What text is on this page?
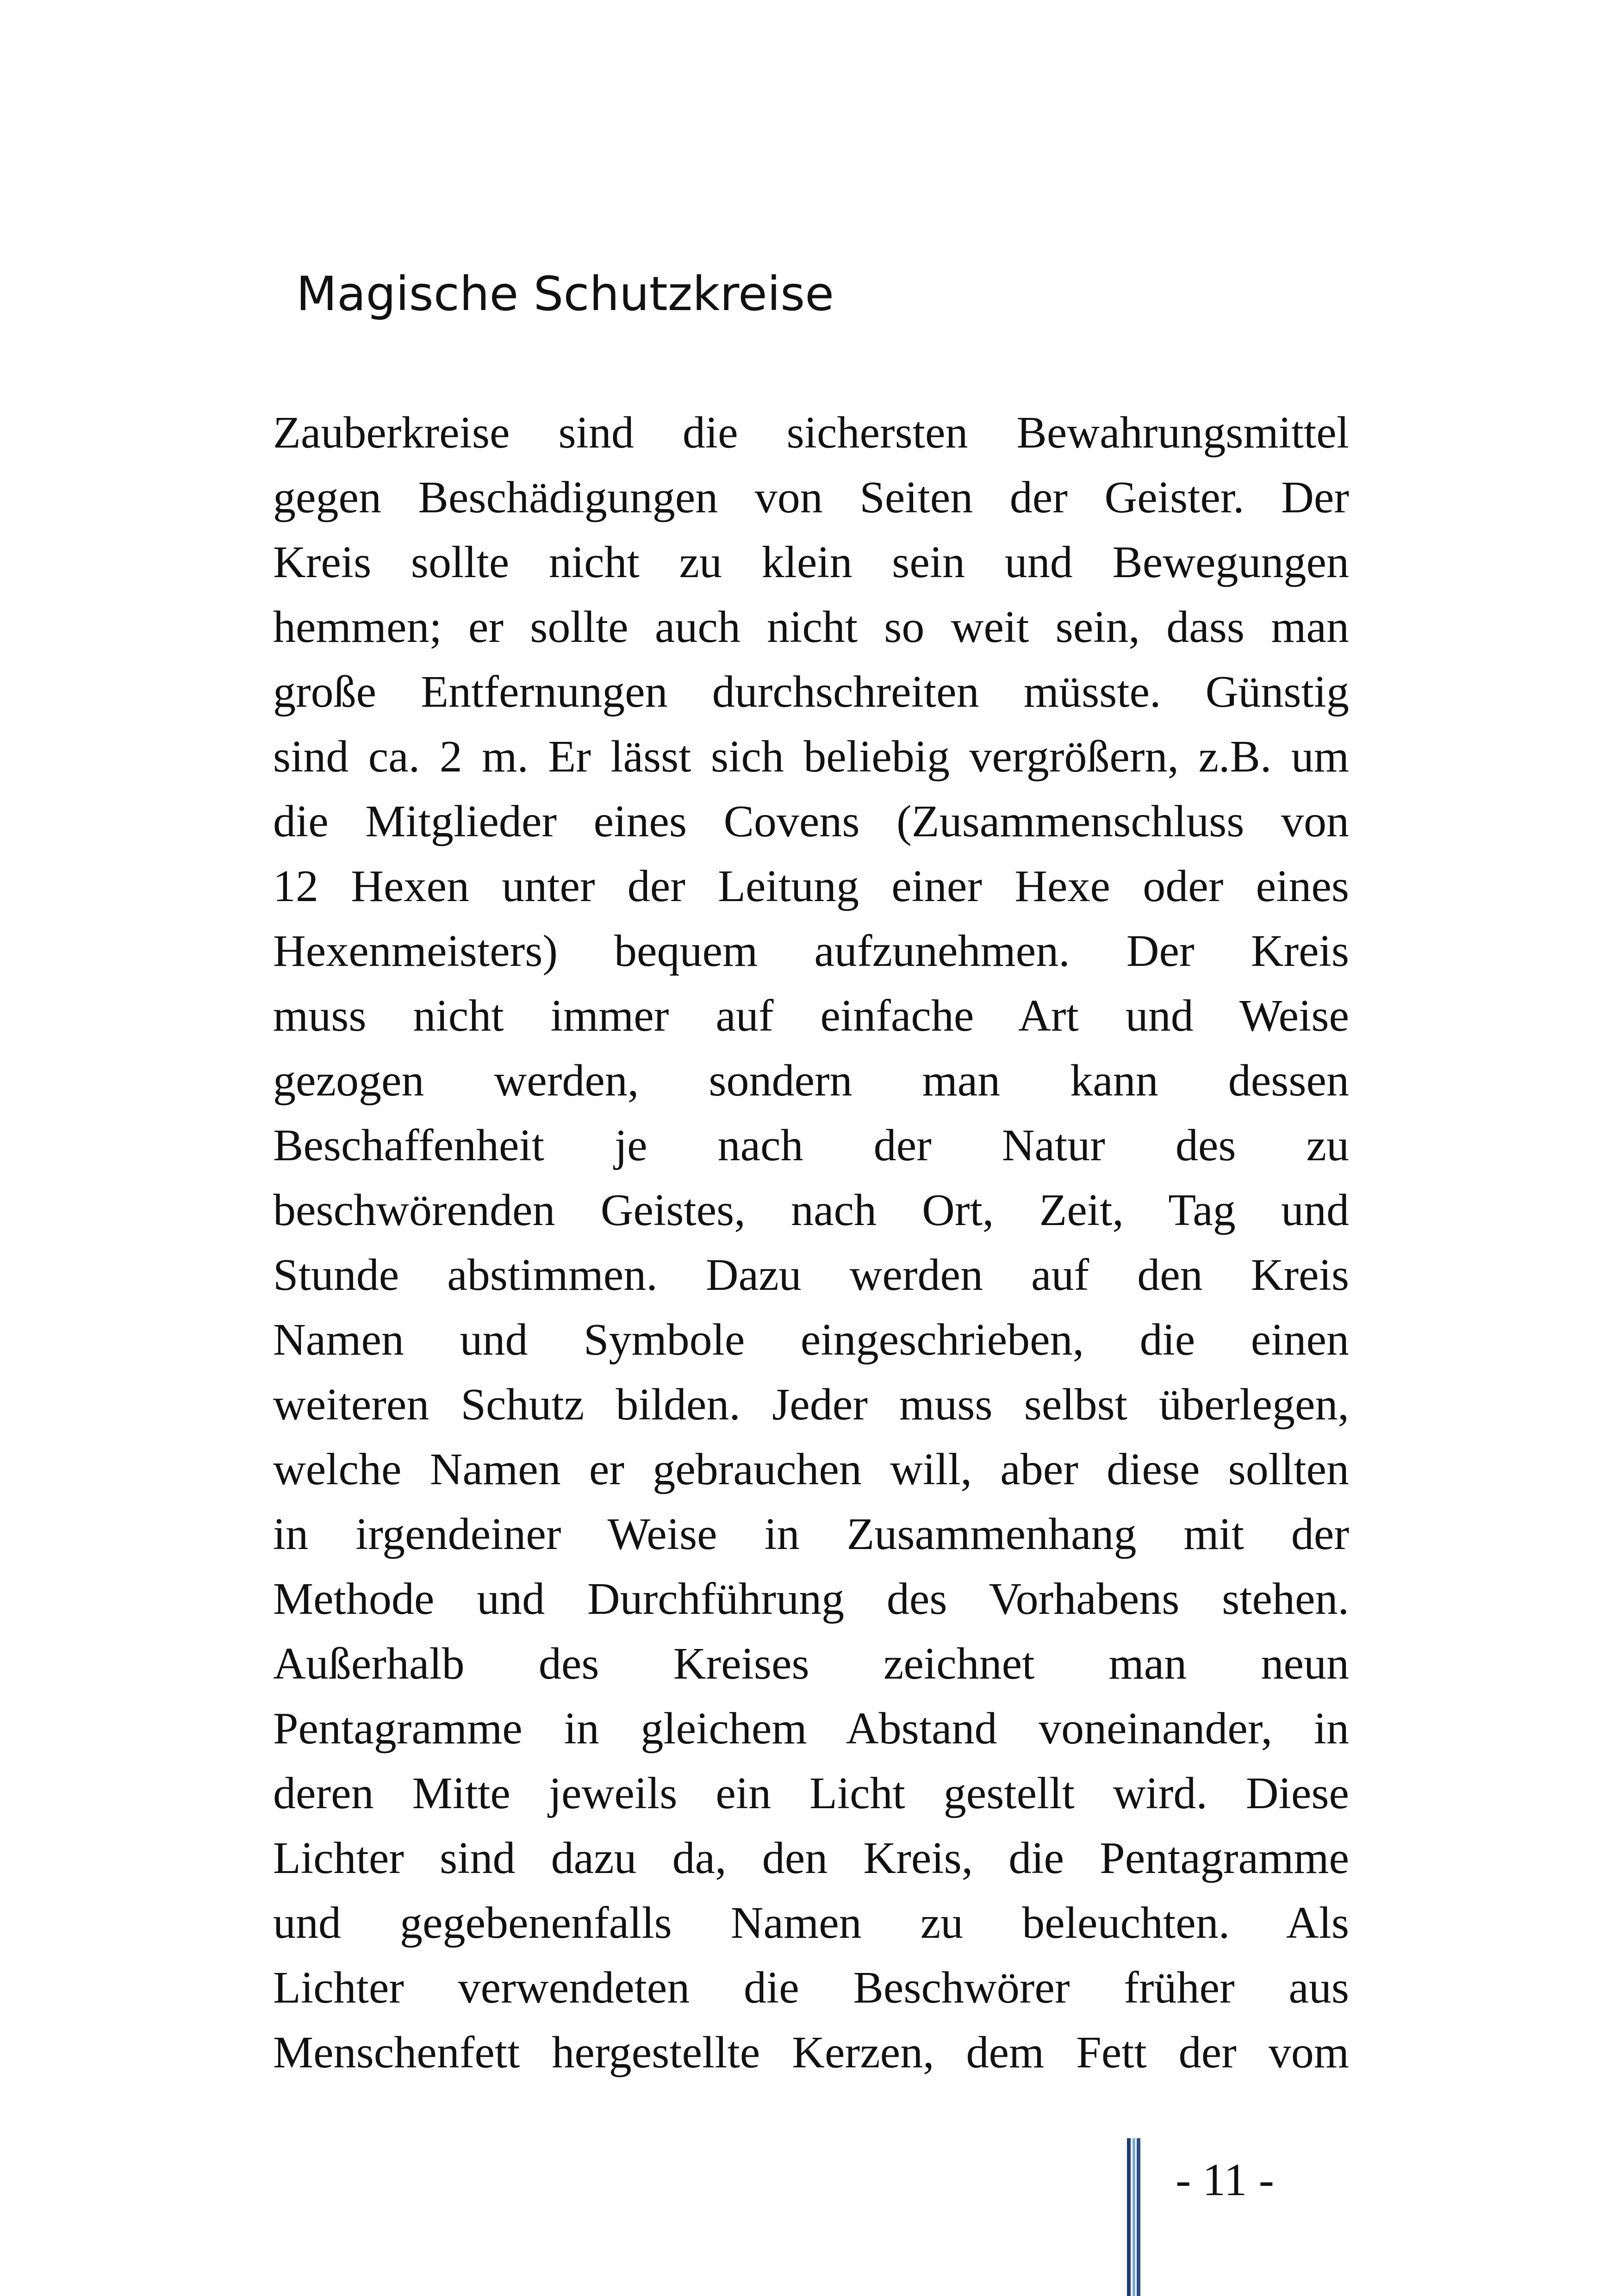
Magische Schutzkreise
Zauberkreise sind die sichersten Bewahrungsmittel
gegen Beschädigungen von Seiten der Geister. Der
Kreis sollte nicht zu klein sein und Bewegungen
hemmen; er sollte auch nicht so weit sein, dass man
große Entfernungen durchschreiten müsste. Günstig
sind ca. 2 m. Er lässt sich beliebig vergrößern, z.B. um
die Mitglieder eines Covens (Zusammenschluss von
12 Hexen unter der Leitung einer Hexe oder eines
Hexenmeisters) bequem aufzunehmen. Der Kreis
muss nicht immer auf einfache Art und Weise
gezogen werden, sondern man kann dessen
Beschaffenheit je nach der Natur des zu
beschwörenden Geistes, nach Ort, Zeit, Tag und
Stunde abstimmen. Dazu werden auf den Kreis
Namen und Symbole eingeschrieben, die einen
weiteren Schutz bilden. Jeder muss selbst überlegen,
welche Namen er gebrauchen will, aber diese sollten
in irgendeiner Weise in Zusammenhang mit der
Methode und Durchführung des Vorhabens stehen.
Außerhalb des Kreises zeichnet man neun
Pentagramme in gleichem Abstand voneinander, in
deren Mitte jeweils ein Licht gestellt wird. Diese
Lichter sind dazu da, den Kreis, die Pentagramme
und gegebenenfalls Namen zu beleuchten. Als
Lichter verwendeten die Beschwörer früher aus
Menschenfett hergestellte Kerzen, dem Fett der vom
- 11 -
